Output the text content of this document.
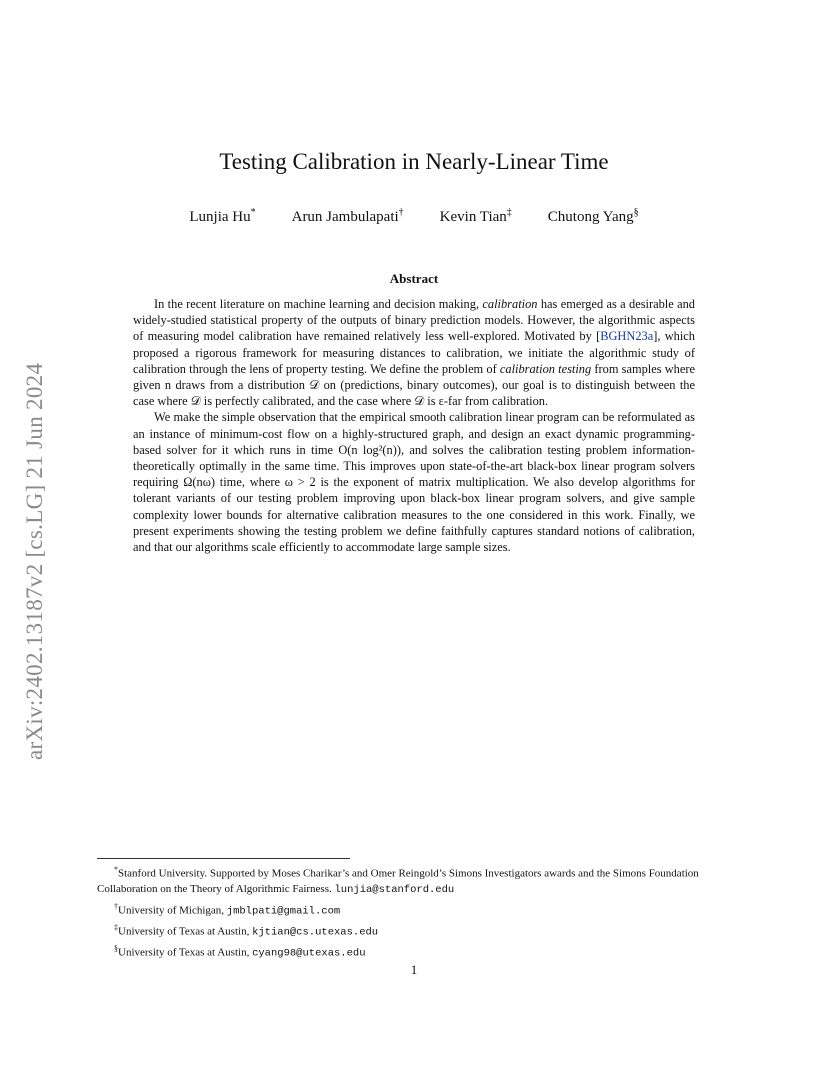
arXiv:2402.13187v2 [cs.LG] 21 Jun 2024
Testing Calibration in Nearly-Linear Time
Lunjia Hu* Arun Jambulapati† Kevin Tian‡ Chutong Yang§
Abstract

In the recent literature on machine learning and decision making, calibration has emerged as a desirable and widely-studied statistical property of the outputs of binary prediction models. However, the algorithmic aspects of measuring model calibration have remained relatively less well-explored. Motivated by [BGHN23a], which proposed a rigorous framework for measuring distances to calibration, we initiate the algorithmic study of calibration through the lens of property testing. We define the problem of calibration testing from samples where given n draws from a distribution 𝒟 on (predictions, binary outcomes), our goal is to distinguish between the case where 𝒟 is perfectly calibrated, and the case where 𝒟 is ε-far from calibration.

We make the simple observation that the empirical smooth calibration linear program can be reformulated as an instance of minimum-cost flow on a highly-structured graph, and design an exact dynamic programming-based solver for it which runs in time O(n log²(n)), and solves the calibration testing problem information-theoretically optimally in the same time. This improves upon state-of-the-art black-box linear program solvers requiring Ω(nω) time, where ω > 2 is the exponent of matrix multiplication. We also develop algorithms for tolerant variants of our testing problem improving upon black-box linear program solvers, and give sample complexity lower bounds for alternative calibration measures to the one considered in this work. Finally, we present experiments showing the testing problem we define faithfully captures standard notions of calibration, and that our algorithms scale efficiently to accommodate large sample sizes.

*Stanford University. Supported by Moses Charikar’s and Omer Reingold’s Simons Investigators awards and the Simons Foundation Collaboration on the Theory of Algorithmic Fairness. lunjia@stanford.edu

†University of Michigan, jmblpati@gmail.com

‡University of Texas at Austin, kjtian@cs.utexas.edu

§University of Texas at Austin, cyang98@utexas.edu

1
